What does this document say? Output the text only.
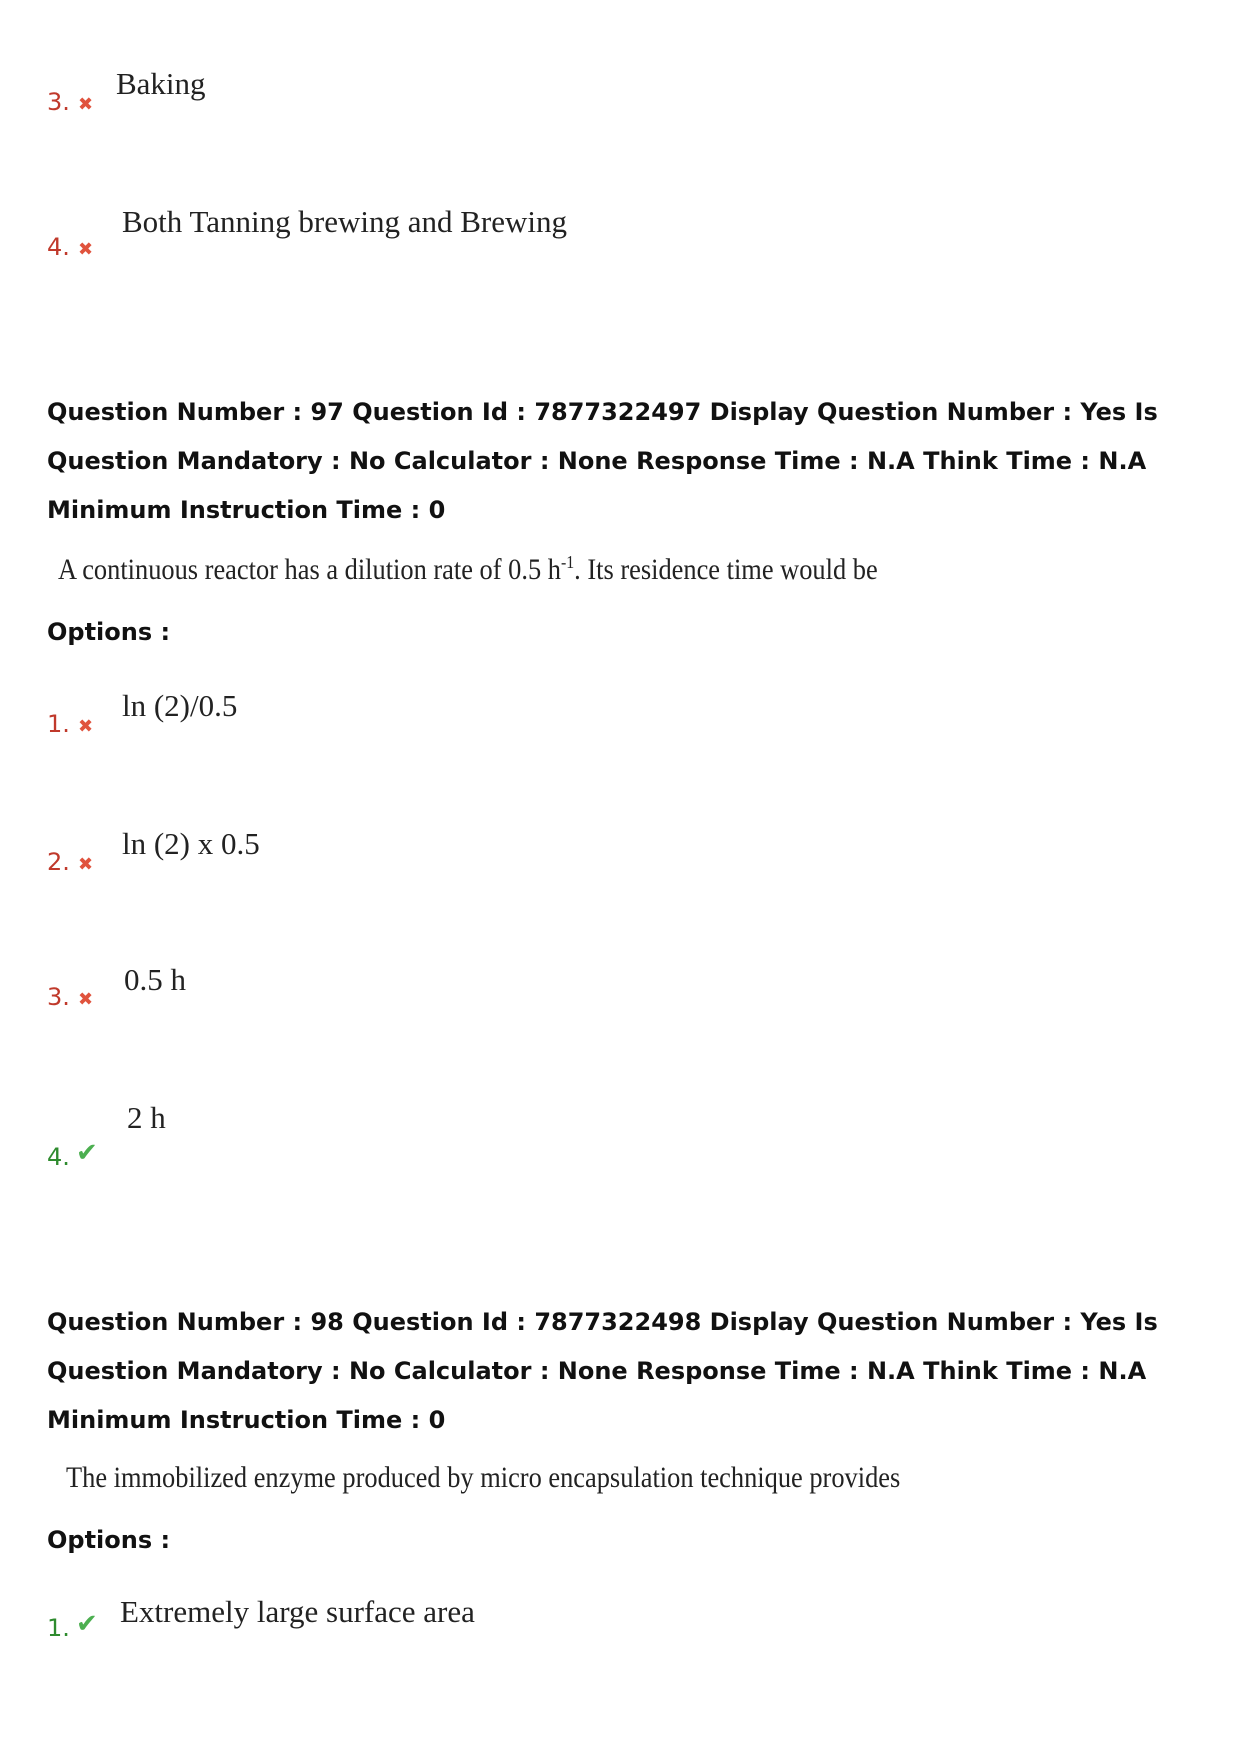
3. ✖
Baking
4. ✖
Both Tanning brewing and Brewing

Question Number : 97 Question Id : 7877322497 Display Question Number : Yes Is Question Mandatory : No Calculator : None Response Time : N.A Think Time : N.A Minimum Instruction Time : 0

A continuous reactor has a dilution rate of 0.5 $h^{-1}$. Its residence time would be
Options :
1. ✖
ln (2)/0.5
2. ✖
ln (2) x 0.5
3. ✖
0.5 h
4. ✔
2 h

Question Number : 98 Question Id : 7877322498 Display Question Number : Yes Is Question Mandatory : No Calculator : None Response Time : N.A Think Time : N.A Minimum Instruction Time : 0

The immobilized enzyme produced by micro encapsulation technique provides
Options :
1. ✔ Extremely large surface area
